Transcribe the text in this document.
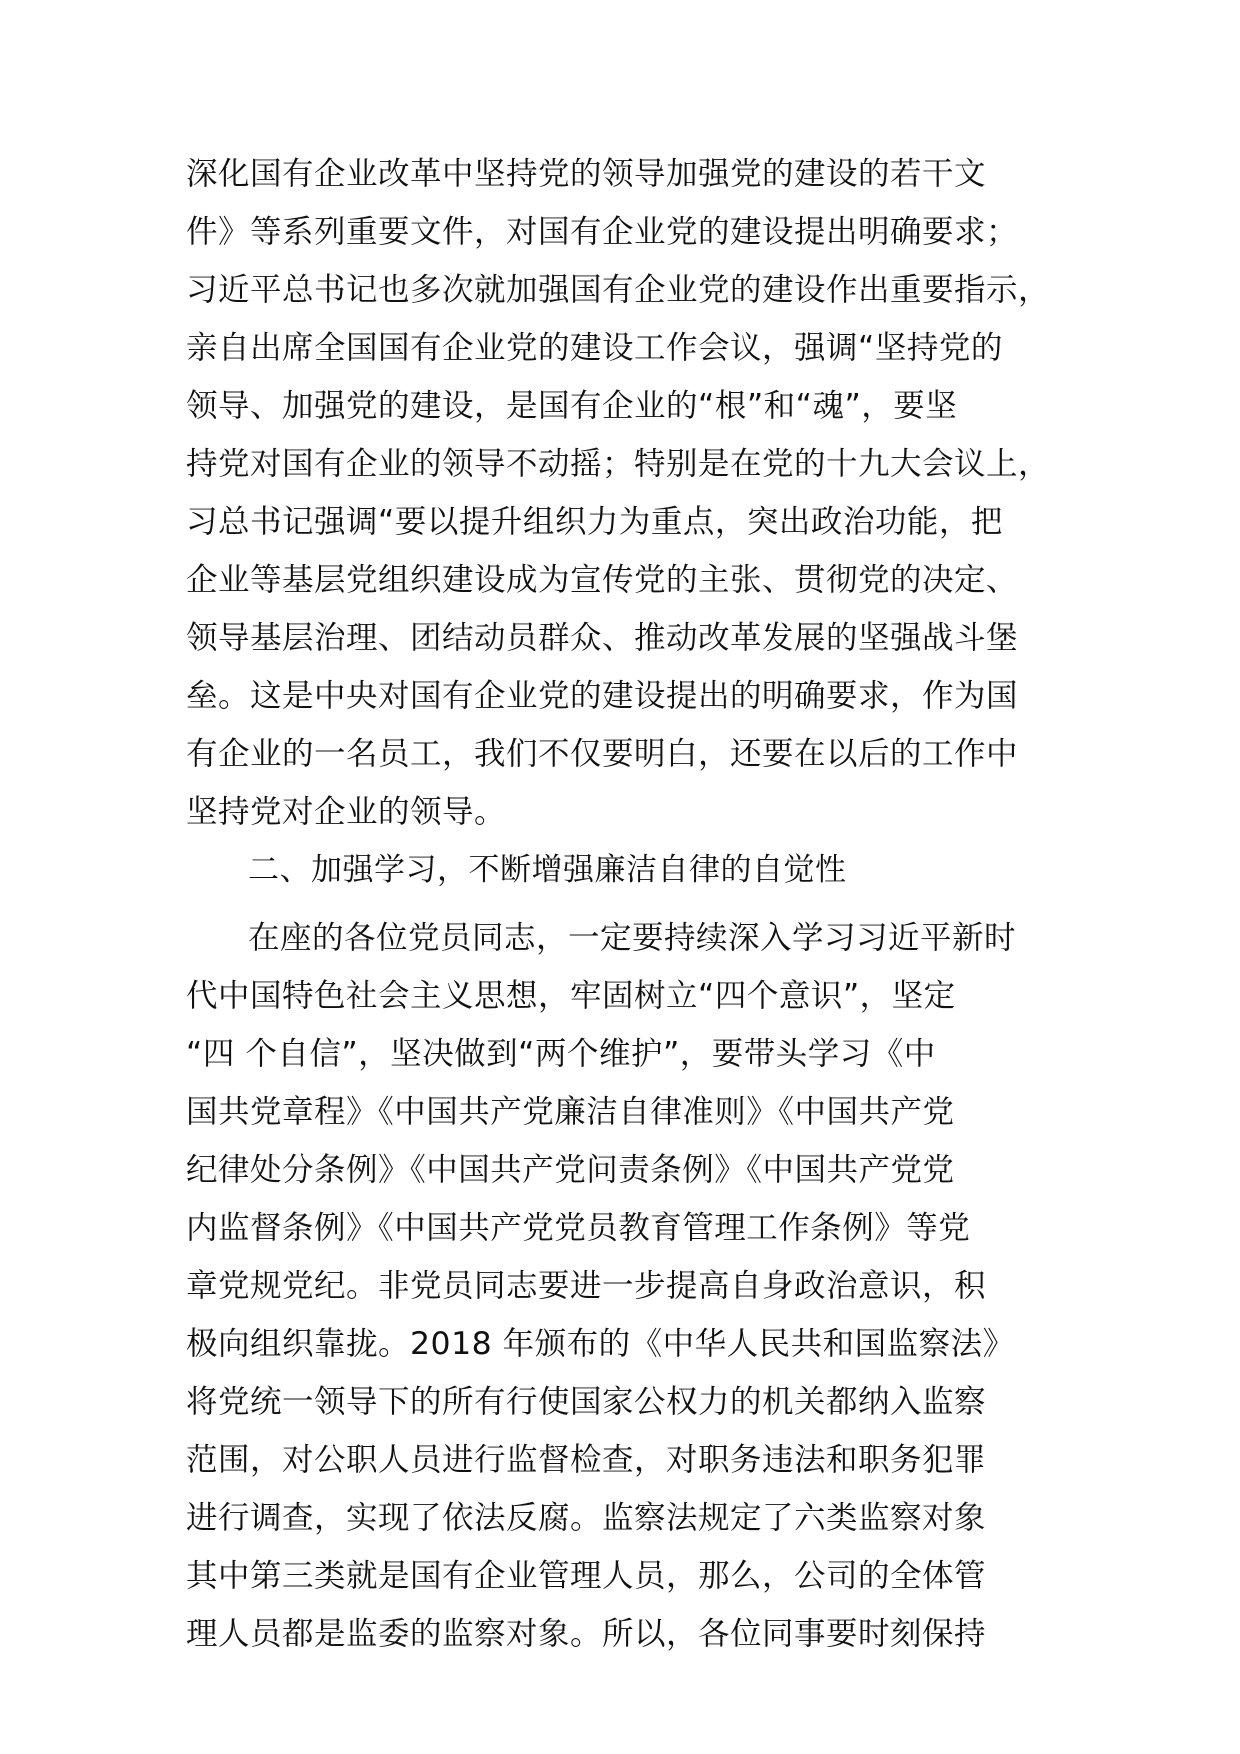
深化国有企业改革中坚持党的领导加强党的建设的若干文
件》等系列重要文件，对国有企业党的建设提出明确要求；
习近平总书记也多次就加强国有企业党的建设作出重要指示，
亲自出席全国国有企业党的建设工作会议，强调“坚持党的
领导、加强党的建设，是国有企业的“根”和“魂”，要坚
持党对国有企业的领导不动摇；特别是在党的十九大会议上，
习总书记强调“要以提升组织力为重点，突出政治功能，把
企业等基层党组织建设成为宣传党的主张、贯彻党的决定、
领导基层治理、团结动员群众、推动改革发展的坚强战斗堡
垒。这是中央对国有企业党的建设提出的明确要求，作为国
有企业的一名员工，我们不仅要明白，还要在以后的工作中
坚持党对企业的领导。
二、加强学习，不断增强廉洁自律的自觉性
在座的各位党员同志，一定要持续深入学习习近平新时
代中国特色社会主义思想，牢固树立“四个意识”，坚定
“四 个自信”，坚决做到“两个维护”，要带头学习《中
国共党章程》《中国共产党廉洁自律准则》《中国共产党
纪律处分条例》《中国共产党问责条例》《中国共产党党
内监督条例》《中国共产党党员教育管理工作条例》等党
章党规党纪。非党员同志要进一步提高自身政治意识，积
极向组织靠拢。2018 年颁布的《中华人民共和国监察法》
将党统一领导下的所有行使国家公权力的机关都纳入监察
范围，对公职人员进行监督检查，对职务违法和职务犯罪
进行调查，实现了依法反腐。监察法规定了六类监察对象
其中第三类就是国有企业管理人员，那么，公司的全体管
理人员都是监委的监察对象。所以，各位同事要时刻保持
